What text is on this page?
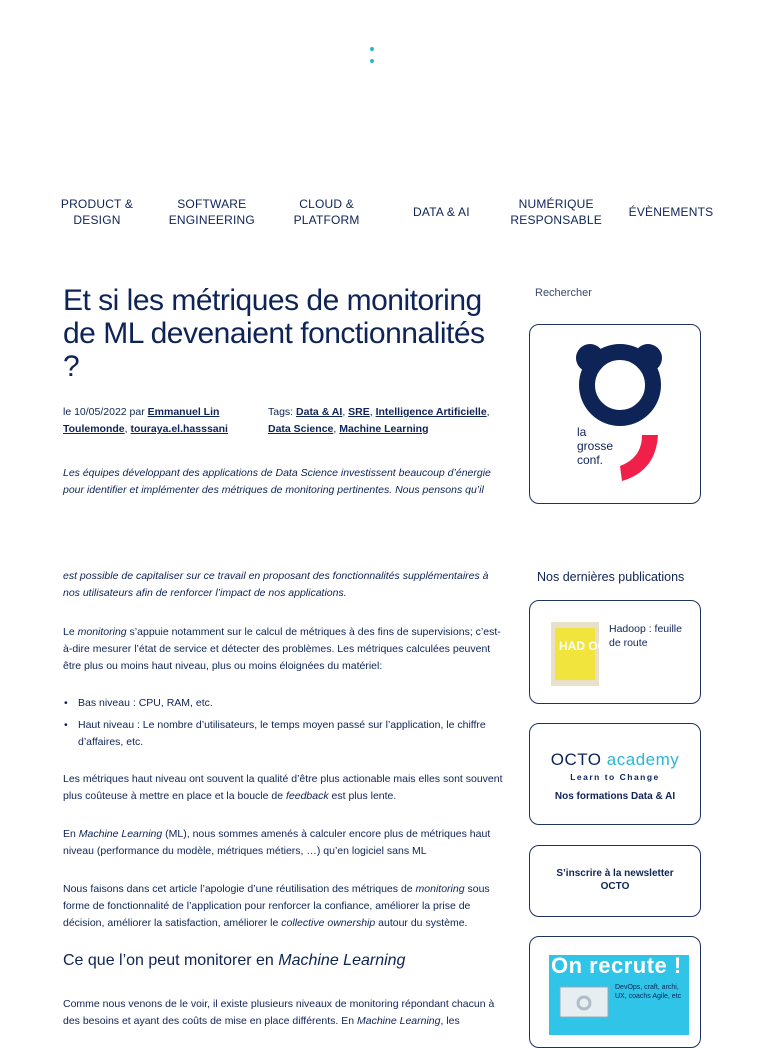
PRODUCT &
DESIGN
SOFTWARE
ENGINEERING
CLOUD &
PLATFORM
DATA & AI
NUMÉRIQUE
RESPONSABLE
ÉVÈNEMENTS
Et si les métriques de monitoring de ML devenaient fonctionnalités ?
le 10/05/2022 par Emmanuel Lin Toulemonde, touraya.el.hasssani
Tags: Data & AI, SRE, Intelligence Artificielle,
Data Science, Machine Learning

Les équipes développant des applications de Data Science investissent beaucoup d’énergie pour identifier et implémenter des métriques de monitoring pertinentes. Nous pensons qu’il

est possible de capitaliser sur ce travail en proposant des fonctionnalités supplémentaires à nos utilisateurs afin de renforcer l’impact de nos applications.

Le monitoring s’appuie notamment sur le calcul de métriques à des fins de supervisions; c’est-à-dire mesurer l’état de service et détecter des problèmes. Les métriques calculées peuvent être plus ou moins haut niveau, plus ou moins éloignées du matériel:

• Bas niveau : CPU, RAM, etc.
• Haut niveau : Le nombre d’utilisateurs, le temps moyen passé sur l’application, le chiffre d’affaires, etc.

Les métriques haut niveau ont souvent la qualité d’être plus actionable mais elles sont souvent plus coûteuse à mettre en place et la boucle de feedback est plus lente.

En Machine Learning (ML), nous sommes amenés à calculer encore plus de métriques haut niveau (performance du modèle, métriques métiers, …) qu’en logiciel sans ML

Nous faisons dans cet article l’apologie d’une réutilisation des métriques de monitoring sous forme de fonctionnalité de l’application pour renforcer la confiance, améliorer la prise de décision, améliorer la satisfaction, améliorer le collective ownership autour du système.

Ce que l’on peut monitorer en Machine Learning

Comme nous venons de le voir, il existe plusieurs niveaux de monitoring répondant chacun à des besoins et ayant des coûts de mise en place différents. En Machine Learning, les

Rechercher
la
grosse
conf.
Nos dernières publications
HAD OOP
Hadoop : feuille de route
OCTO academy
Learn to Change
Nos formations Data & AI
S’inscrire à la newsletter OCTO
On recrute !
DevOps, craft, archi, UX, coachs Agile, etc
